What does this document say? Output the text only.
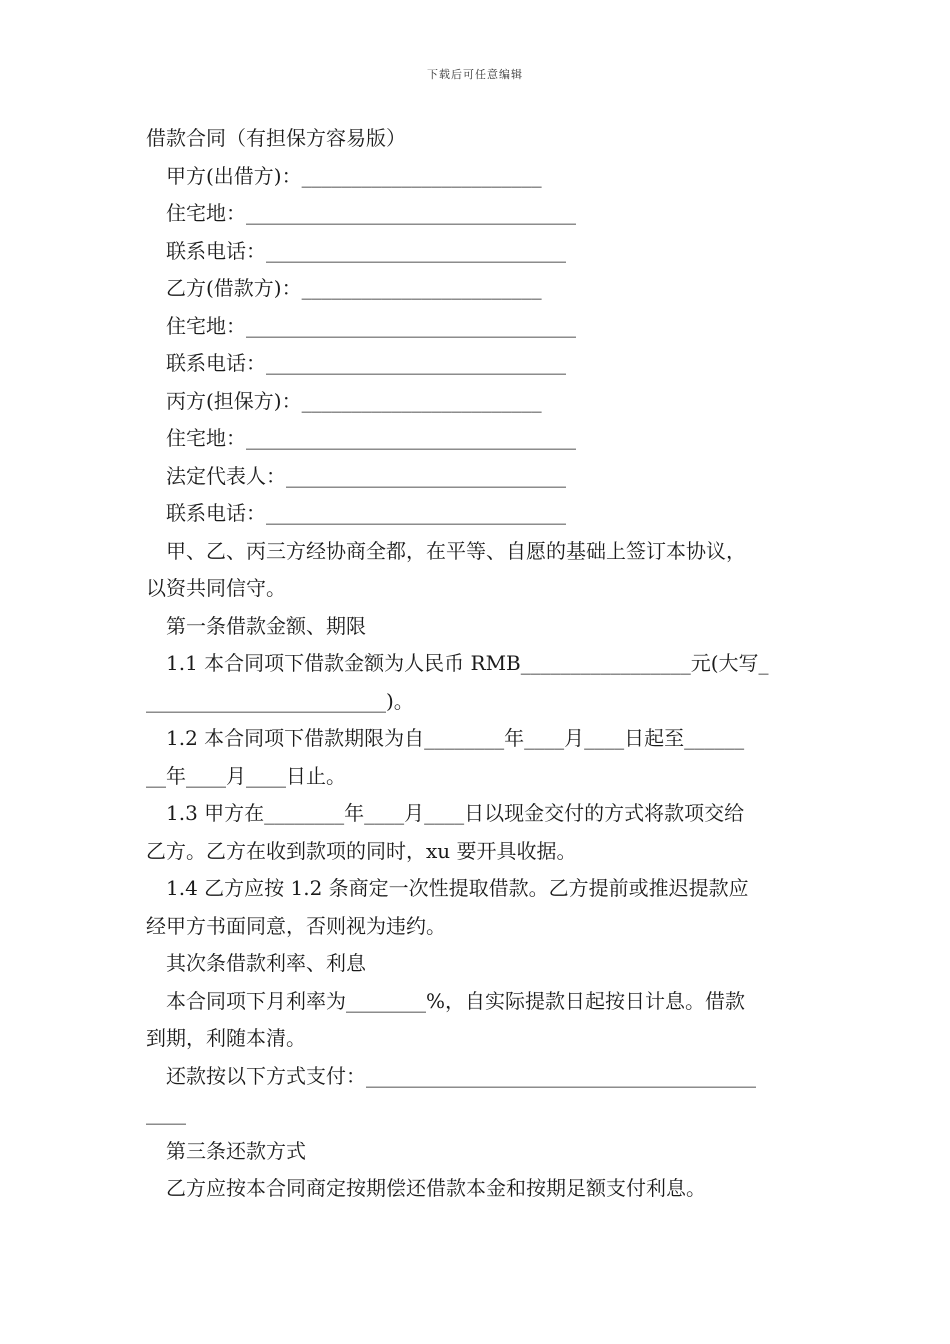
下载后可任意编辑
借款合同（有担保方容易版）
甲方(出借方)：________________________
住宅地：_________________________________
联系电话：______________________________
乙方(借款方)：________________________
住宅地：_________________________________
联系电话：______________________________
丙方(担保方)：________________________
住宅地：_________________________________
法定代表人：____________________________
联系电话：______________________________
甲、乙、丙三方经协商全都，在平等、自愿的基础上签订本协议，
以资共同信守。
第一条借款金额、期限
1.1 本合同项下借款金额为人民币 RMB_________________元(大写_
________________________)。
1.2 本合同项下借款期限为自________年____月____日起至______
__年____月____日止。
1.3 甲方在________年____月____日以现金交付的方式将款项交给
乙方。乙方在收到款项的同时，xu 要开具收据。
1.4 乙方应按 1.2 条商定一次性提取借款。乙方提前或推迟提款应
经甲方书面同意，否则视为违约。
其次条借款利率、利息
本合同项下月利率为________%，自实际提款日起按日计息。借款
到期，利随本清。
还款按以下方式支付：_______________________________________
____
第三条还款方式
乙方应按本合同商定按期偿还借款本金和按期足额支付利息。
